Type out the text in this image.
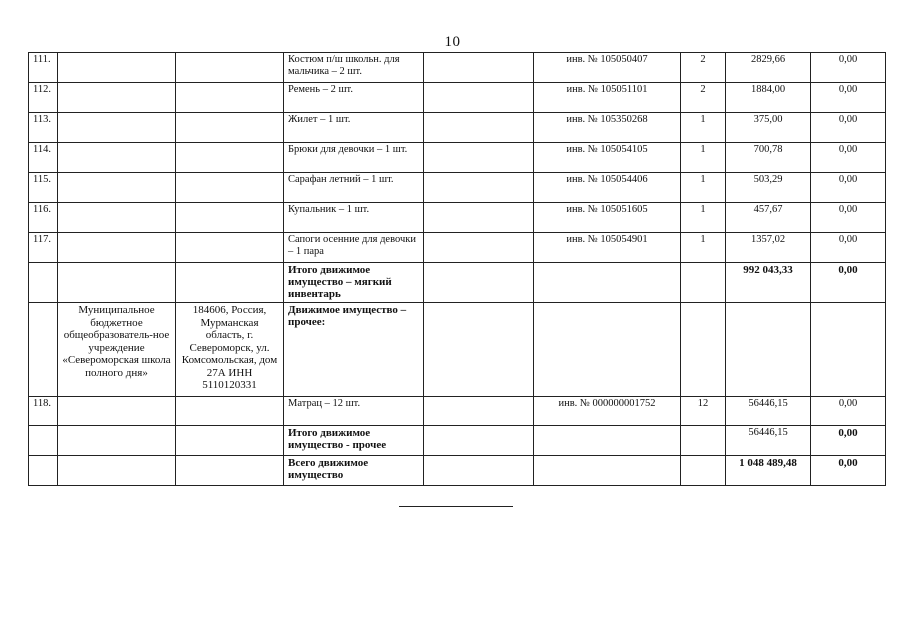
10
111.			Костюм п/ш школьн. для мальчика – 2 шт.		инв. № 105050407	2	2829,66	0,00
112.			Ремень – 2 шт.		инв. № 105051101	2	1884,00	0,00
113.			Жилет – 1 шт.		инв. № 105350268	1	375,00	0,00
114.			Брюки для девочки – 1 шт.		инв. № 105054105	1	700,78	0,00
115.			Сарафан летний – 1 шт.		инв. № 105054406	1	503,29	0,00
116.			Купальник – 1 шт.		инв. № 105051605	1	457,67	0,00
117.			Сапоги осенние для девочки – 1 пара		инв. № 105054901	1	1357,02	0,00
			Итого движимое имущество – мягкий инвентарь				992 043,33	0,00
	Муниципальное бюджетное общеобразователь-ное учреждение «Североморская школа полного дня»	184606, Россия, Мурманская область, г. Североморск, ул. Комсомольская, дом 27А ИНН 5110120331	Движимое имущество – прочее:					
118.			Матрац – 12 шт.		инв. № 000000001752	12	56446,15	0,00
			Итого движимое имущество - прочее				56446,15	0,00
			Всего движимое имущество				1 048 489,48	0,00
